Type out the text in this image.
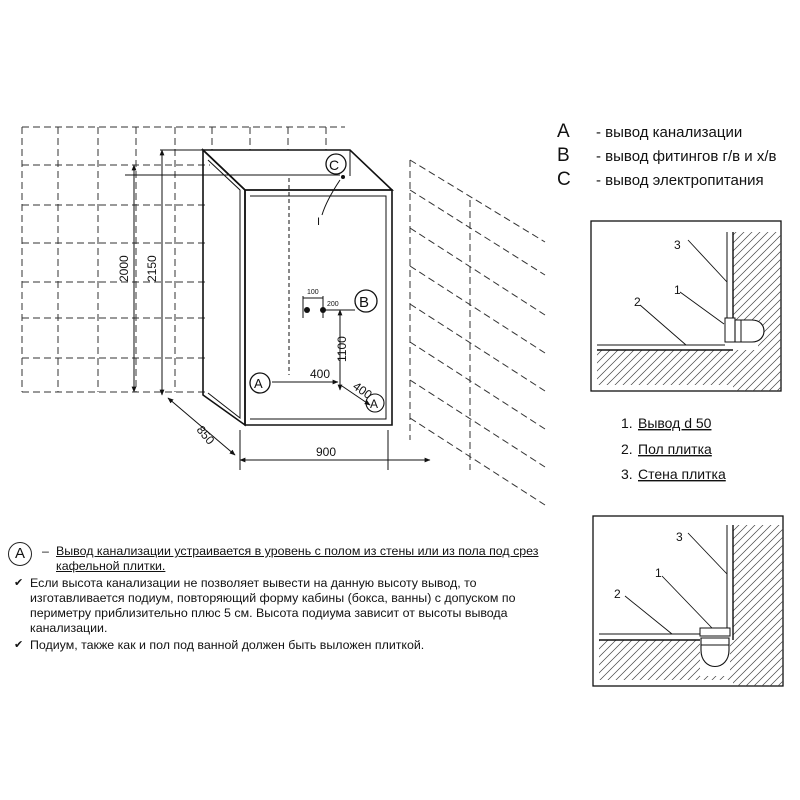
C
B
A
A
I
2000 2150
850
900
1100
400
400
100
200
A - вывод канализации
B - вывод фитингов г/в и х/в
C - вывод электропитания
3
1
2
1. Вывод d 50
2. Пол плитка
3. Стена плитка
3
1
2
A	– Вывод канализации устраивается в уровень с полом из стены или из пола под срез кафельной плитки.
✔ Если высота канализации не позволяет вывести на данную высоту вывод, то изготавливается подиум, повторяющий форму кабины (бокса, ванны) с допуском по периметру приблизительно плюс 5 см. Высота подиума зависит от высоты вывода канализации.
✔ Подиум, также как и пол под ванной должен быть выложен плиткой.
